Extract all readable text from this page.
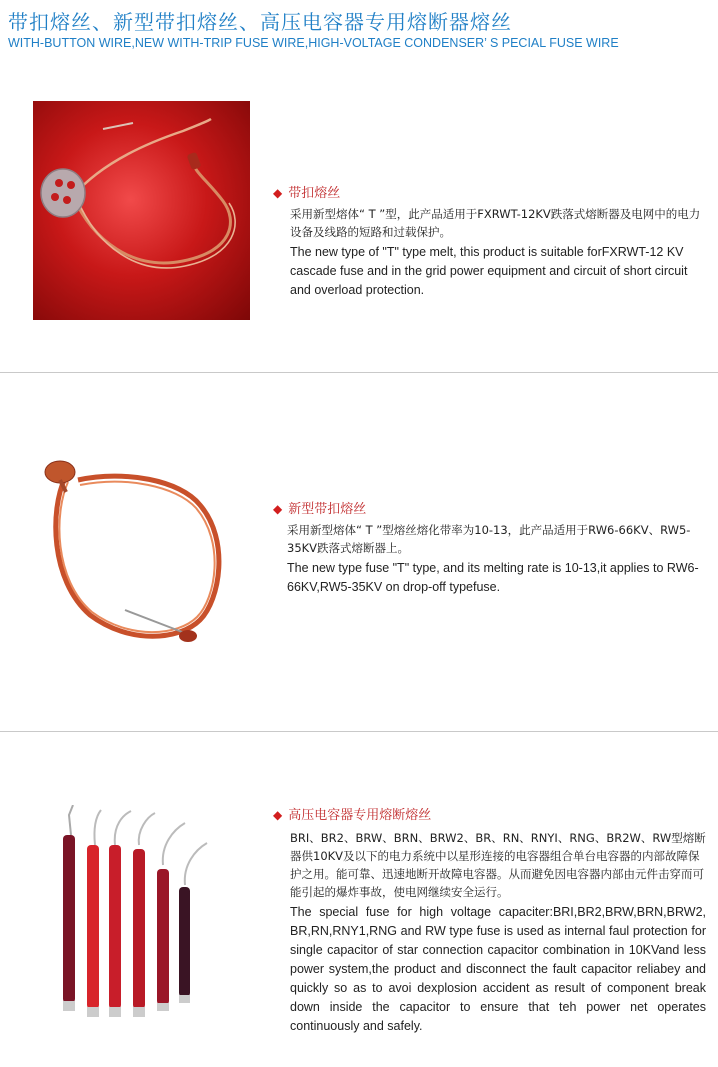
带扣熔丝、新型带扣熔丝、高压电容器专用熔断器熔丝
WITH-BUTTON WIRE,NEW WITH-TRIP FUSE WIRE,HIGH-VOLTAGE CONDENSER’ S PECIAL FUSE WIRE
◆ 带扣熔丝

采用新型熔体“ T ”型，此产品适用于FXRWT-12KV跌落式熔断器及电网中的电力设备及线路的短路和过载保护。

The new type of "T" type melt, this product is suitable forFXRWT-12 KV cascade fuse and in the grid power equipment and circuit of short circuit and overload protection.

◆ 新型带扣熔丝

采用新型熔体“ T ”型熔丝熔化带率为10-13，此产品适用于RW6-66KV、RW5-35KV跌落式熔断器上。

The new type fuse "T" type, and its melting rate is 10-13,it applies to RW6-66KV,RW5-35KV on drop-off typefuse.

◆ 高压电容器专用熔断熔丝

BRI、BR2、BRW、BRN、BRW2、BR、RN、RNYI、RNG、BR2W、RW型熔断器供10KV及以下的电力系统中以星形连接的电容器组合单台电容器的内部故障保护之用。能可靠、迅速地断开故障电容器。从而避免因电容器内部由元件击穿而可能引起的爆炸事故，使电网继续安全运行。

The special fuse for high voltage capaciter:BRI,BR2,BRW,BRN,BRW2, BR,RN,RNY1,RNG and RW type fuse is used as internal faul protection for single capacitor of star connection capacitor combination in 10KVand less power system,the product and disconnect the fault capacitor reliabey and quickly so as to avoi dexplosion accident as result of component break down inside the capacitor to ensure that teh power net operates continuously and safely.
